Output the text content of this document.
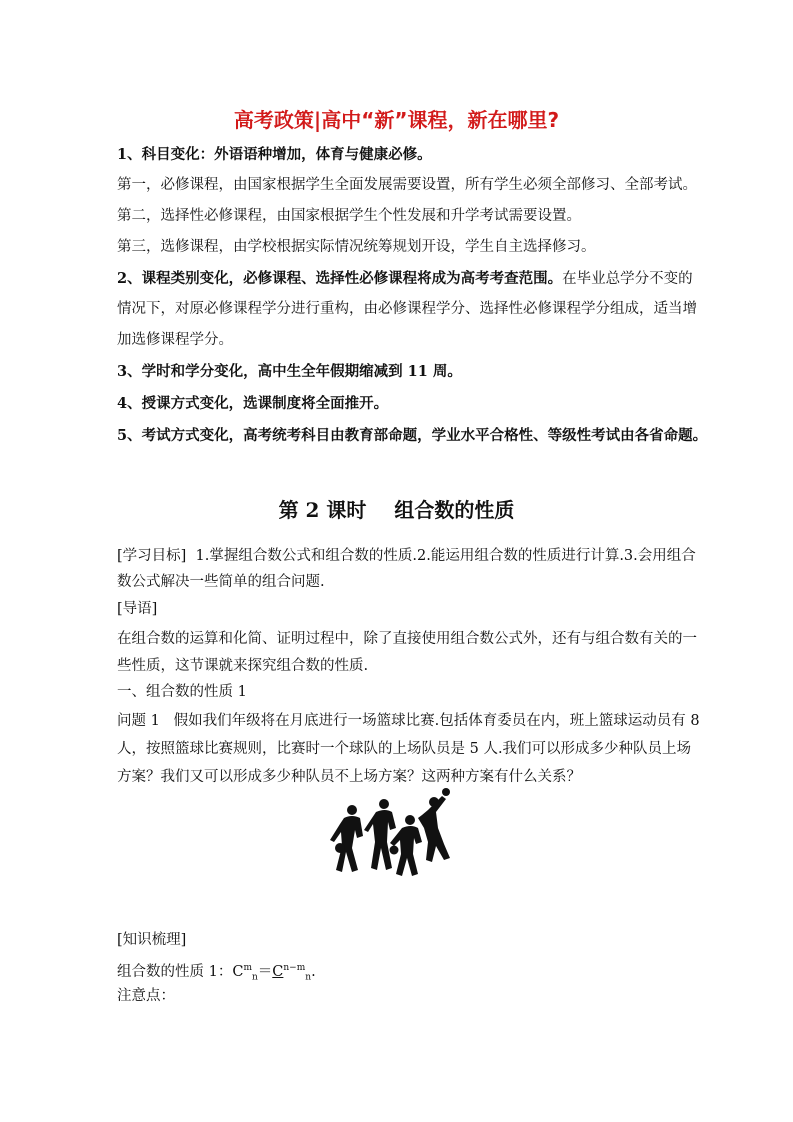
高考政策|高中“新”课程，新在哪里?
1、科目变化：外语语种增加，体育与健康必修。
第一，必修课程，由国家根据学生全面发展需要设置，所有学生必须全部修习、全部考试。
第二，选择性必修课程，由国家根据学生个性发展和升学考试需要设置。
第三，选修课程，由学校根据实际情况统筹规划开设，学生自主选择修习。
2、课程类别变化，必修课程、选择性必修课程将成为高考考查范围。在毕业总学分不变的
情况下，对原必修课程学分进行重构，由必修课程学分、选择性必修课程学分组成，适当增
加选修课程学分。
3、学时和学分变化，高中生全年假期缩减到 11 周。
4、授课方式变化，选课制度将全面推开。
5、考试方式变化，高考统考科目由教育部命题，学业水平合格性、等级性考试由各省命题。
第 2 课时 组合数的性质
[学习目标] 1.掌握组合数公式和组合数的性质.2.能运用组合数的性质进行计算.3.会用组合
数公式解决一些简单的组合问题.
[导语]
在组合数的运算和化简、证明过程中，除了直接使用组合数公式外，还有与组合数有关的一
些性质，这节课就来探究组合数的性质.
一、组合数的性质 1
问题 1 假如我们年级将在月底进行一场篮球比赛.包括体育委员在内，班上篮球运动员有 8
人，按照篮球比赛规则，比赛时一个球队的上场队员是 5 人.我们可以形成多少种队员上场
方案？我们又可以形成多少种队员不上场方案？这两种方案有什么关系？
[知识梳理]
组合数的性质 1：$C^m_n=C^{n-m}_n$.
注意点：
